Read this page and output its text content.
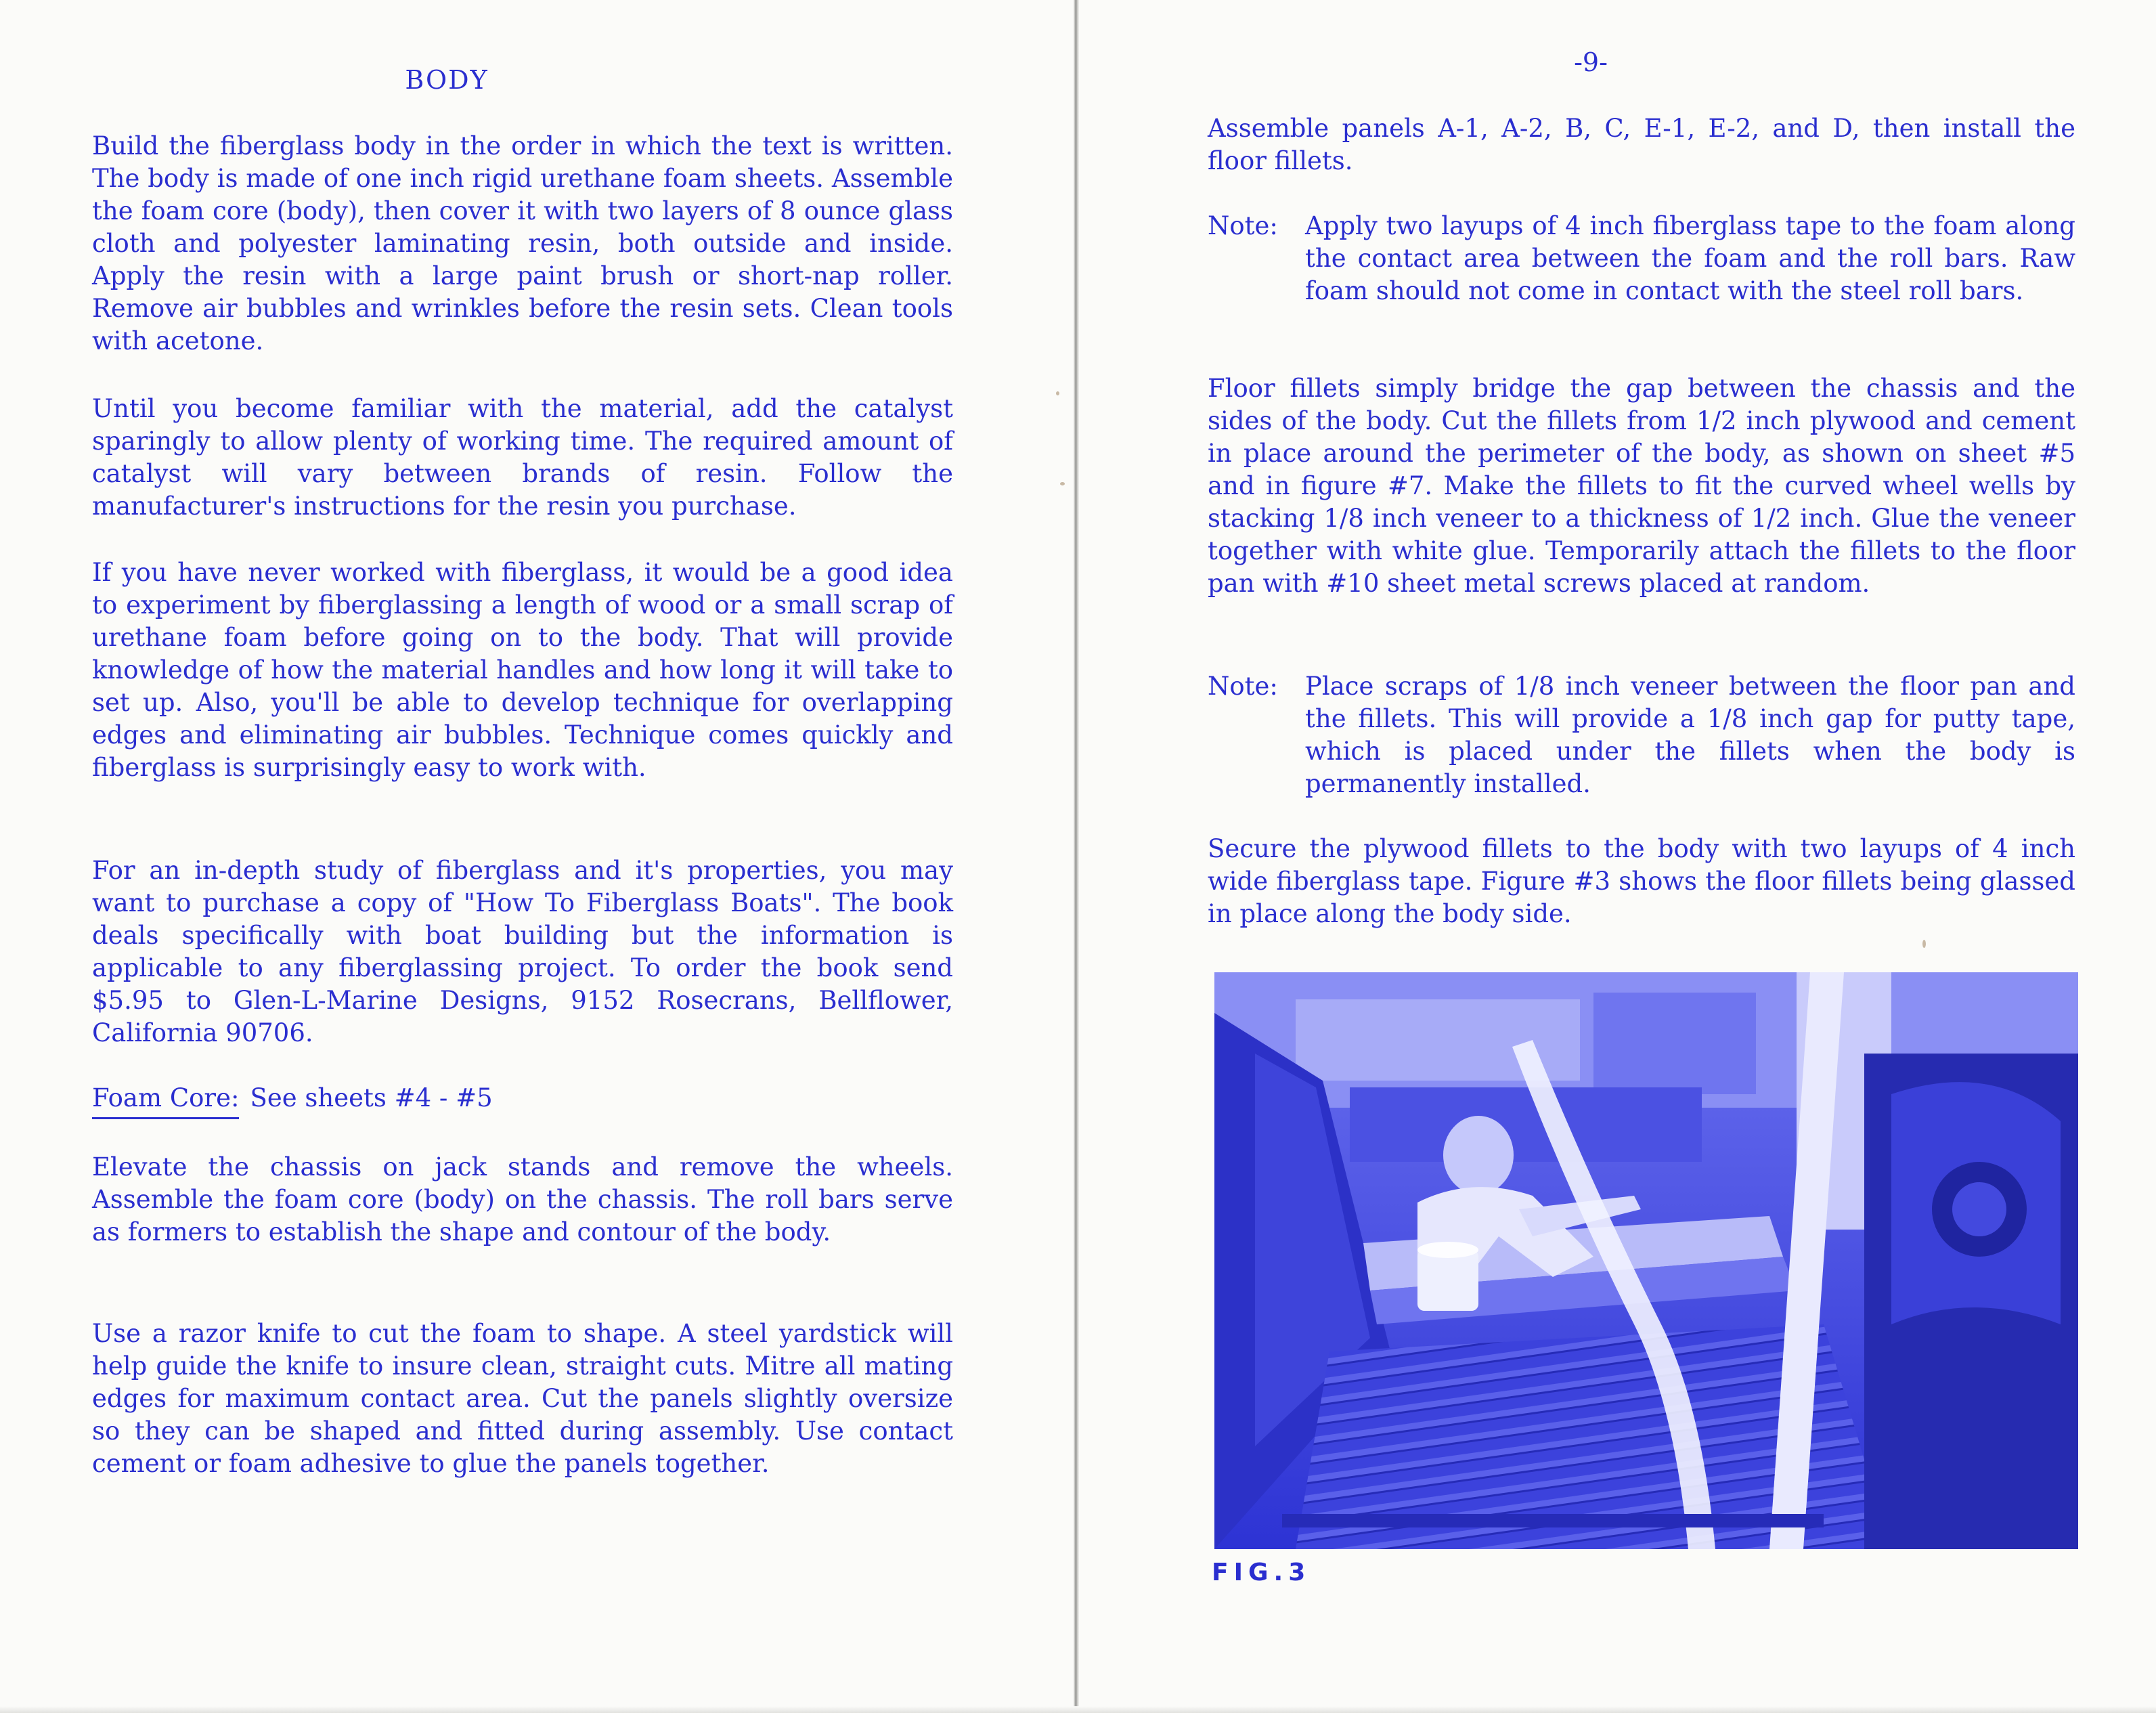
BODY

Build the fiberglass body in the order in which the text is written. The body is made of one inch rigid urethane foam sheets. Assemble the foam core (body), then cover it with two layers of 8 ounce glass cloth and polyester laminating resin, both outside and inside. Apply the resin with a large paint brush or short-nap roller. Remove air bubbles and wrinkles before the resin sets. Clean tools with acetone.

Until you become familiar with the material, add the catalyst sparingly to allow plenty of working time. The required amount of catalyst will vary between brands of resin. Follow the manufacturer's instructions for the resin you purchase.

If you have never worked with fiberglass, it would be a good idea to experiment by fiberglassing a length of wood or a small scrap of urethane foam before going on to the body. That will provide knowledge of how the material handles and how long it will take to set up. Also, you'll be able to develop technique for overlapping edges and eliminating air bubbles. Technique comes quickly and fiberglass is surprisingly easy to work with.

For an in-depth study of fiberglass and it's properties, you may want to purchase a copy of "How To Fiberglass Boats". The book deals specifically with boat building but the information is applicable to any fiberglassing project. To order the book send $5.95 to Glen-L-Marine Designs, 9152 Rosecrans, Bellflower, California 90706.

Foam Core: See sheets #4 - #5

Elevate the chassis on jack stands and remove the wheels. Assemble the foam core (body) on the chassis. The roll bars serve as formers to establish the shape and contour of the body.

Use a razor knife to cut the foam to shape. A steel yardstick will help guide the knife to insure clean, straight cuts. Mitre all mating edges for maximum contact area. Cut the panels slightly oversize so they can be shaped and fitted during assembly. Use contact cement or foam adhesive to glue the panels together.

-9-

Assemble panels A-1, A-2, B, C, E-1, E-2, and D, then install the floor fillets.

Note: Apply two layups of 4 inch fiberglass tape to the foam along the contact area between the foam and the roll bars. Raw foam should not come in contact with the steel roll bars.

Floor fillets simply bridge the gap between the chassis and the sides of the body. Cut the fillets from 1/2 inch plywood and cement in place around the perimeter of the body, as shown on sheet #5 and in figure #7. Make the fillets to fit the curved wheel wells by stacking 1/8 inch veneer to a thickness of 1/2 inch. Glue the veneer together with white glue. Temporarily attach the fillets to the floor pan with #10 sheet metal screws placed at random.

Note: Place scraps of 1/8 inch veneer between the floor pan and the fillets. This will provide a 1/8 inch gap for putty tape, which is placed under the fillets when the body is permanently installed.

Secure the plywood fillets to the body with two layups of 4 inch wide fiberglass tape. Figure #3 shows the floor fillets being glassed in place along the body side.

FIG.3
